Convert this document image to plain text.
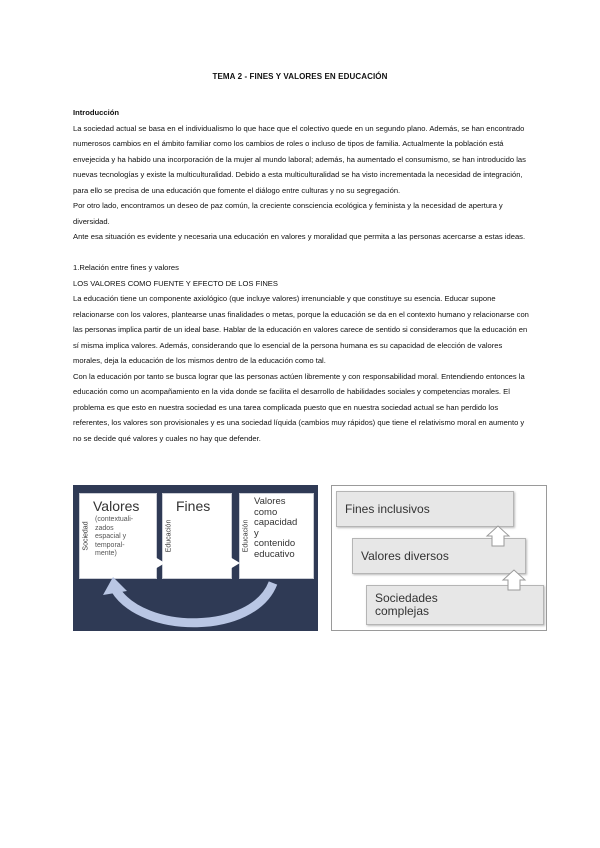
TEMA 2 - FINES Y VALORES EN EDUCACIÓN

Introducción

La sociedad actual se basa en el individualismo lo que hace que el colectivo quede en un segundo plano. Además, se han encontrado numerosos cambios en el ámbito familiar como los cambios de roles o incluso de tipos de familia. Actualmente la población está envejecida y ha habido una incorporación de la mujer al mundo laboral; además, ha aumentado el consumismo, se han introducido las nuevas tecnologías y existe la multiculturalidad. Debido a esta multiculturalidad se ha visto incrementada la necesidad de integración, para ello se precisa de una educación que fomente el diálogo entre culturas y no su segregación.

Por otro lado, encontramos un deseo de paz común, la creciente consciencia ecológica y feminista y la necesidad de apertura y diversidad.

Ante esa situación es evidente y necesaria una educación en valores y moralidad que permita a las personas acercarse a estas ideas.

1.Relación entre fines y valores

LOS VALORES COMO FUENTE Y EFECTO DE LOS FINES

La educación tiene un componente axiológico (que incluye valores) irrenunciable y que constituye su esencia. Educar supone relacionarse con los valores, plantearse unas finalidades o metas, porque la educación se da en el contexto humano y relacionarse con las personas implica partir de un ideal base. Hablar de la educación en valores carece de sentido si consideramos que la educación en sí misma implica valores. Además, considerando que lo esencial de la persona humana es su capacidad de elección de valores morales, deja la educación de los mismos dentro de la educación como tal.

Con la educación por tanto se busca lograr que las personas actúen libremente y con responsabilidad moral. Entendiendo entonces la educación como un acompañamiento en la vida donde se facilita el desarrollo de habilidades sociales y competencias morales. El problema es que esto en nuestra sociedad es una tarea complicada puesto que en nuestra sociedad actual se han perdido los referentes, los valores son provisionales y es una sociedad líquida (cambios muy rápidos) que tiene el relativismo moral en aumento y no se decide qué valores y cuales no hay que defender.

Sociedad
Valores
(contextuali-
zados
espacial y
temporal-
mente)
Educación
Fines
Educación
Valores
como
capacidad
y
contenido
educativo
Fines inclusivos
Valores diversos
Sociedades
complejas
